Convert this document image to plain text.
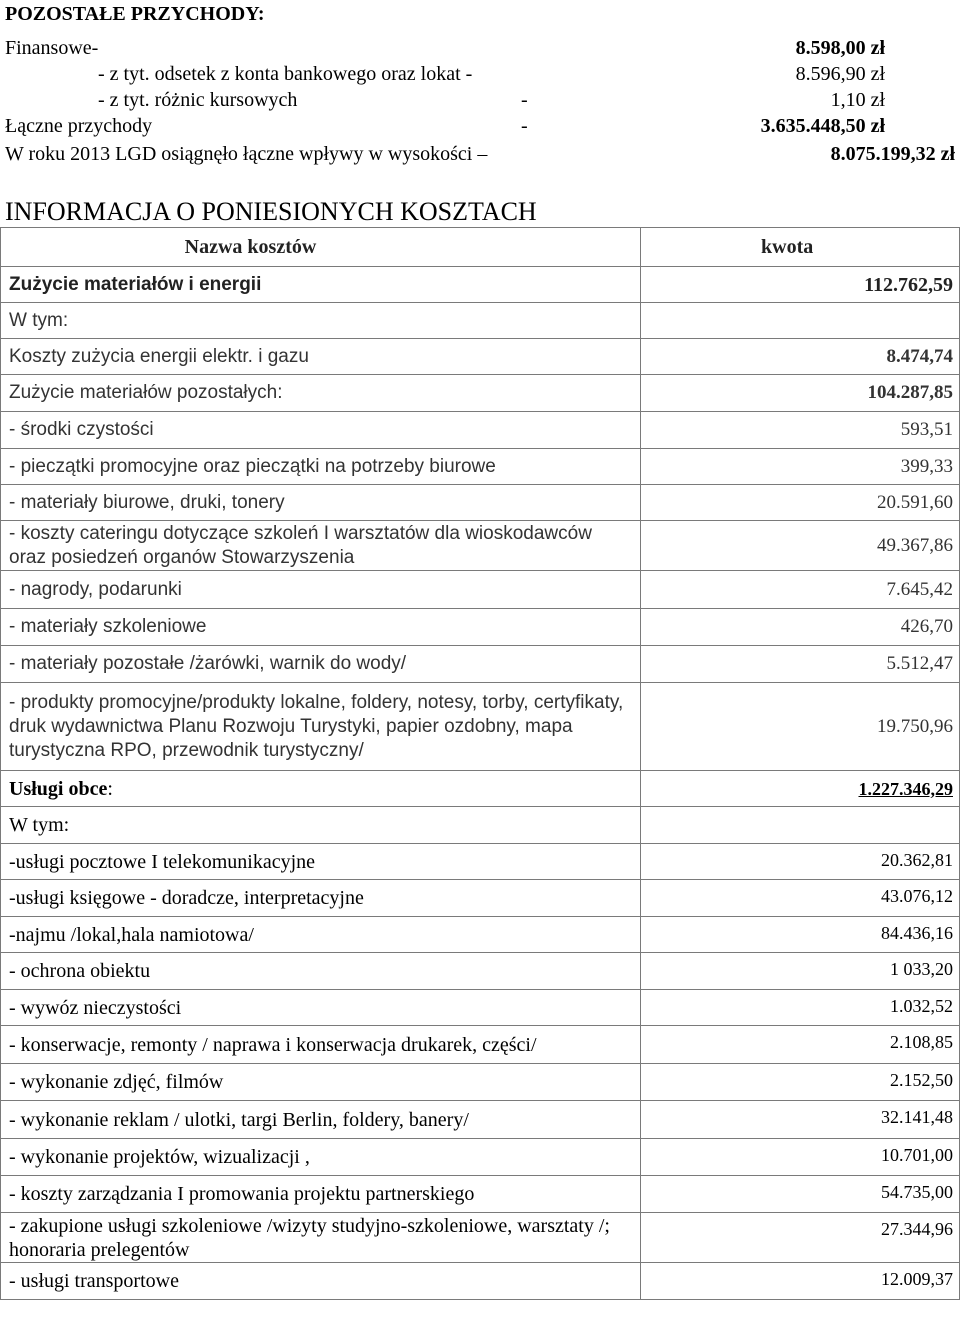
POZOSTAŁE PRZYCHODY:
Finansowe-	8.598,00 zł
- z tyt. odsetek z konta bankowego oraz lokat -	8.596,90 zł
- z tyt. różnic kursowych	-	1,10 zł
Łączne przychody	-	3.635.448,50 zł
W roku 2013 LGD osiągnęło łączne wpływy w wysokości –	8.075.199,32 zł
INFORMACJA O PONIESIONYCH KOSZTACH
Nazwa kosztów	kwota
Zużycie materiałów i energii	112.762,59
W tym:	
Koszty zużycia energii elektr. i gazu	8.474,74
Zużycie materiałów pozostałych:	104.287,85
- środki czystości	593,51
- pieczątki promocyjne oraz pieczątki na potrzeby biurowe	399,33
- materiały biurowe, druki, tonery	20.591,60
- koszty cateringu dotyczące szkoleń I warsztatów dla wioskodawców oraz posiedzeń organów Stowarzyszenia	49.367,86
- nagrody, podarunki	7.645,42
- materiały szkoleniowe	426,70
- materiały pozostałe /żarówki, warnik do wody/	5.512,47
- produkty promocyjne/produkty lokalne, foldery, notesy, torby, certyfikaty, druk wydawnictwa Planu Rozwoju Turystyki, papier ozdobny, mapa turystyczna RPO, przewodnik turystyczny/	19.750,96
Usługi obce:	1.227.346,29
W tym:	
-usługi pocztowe I telekomunikacyjne	20.362,81
-usługi księgowe - doradcze, interpretacyjne	43.076,12
-najmu /lokal,hala namiotowa/	84.436,16
- ochrona obiektu	1 033,20
- wywóz nieczystości	1.032,52
- konserwacje, remonty / naprawa i konserwacja drukarek, części/	2.108,85
- wykonanie zdjęć, filmów	2.152,50
- wykonanie reklam / ulotki, targi Berlin, foldery, banery/	32.141,48
- wykonanie projektów, wizualizacji ,	10.701,00
- koszty zarządzania I promowania projektu partnerskiego	54.735,00
- zakupione usługi szkoleniowe /wizyty studyjno-szkoleniowe, warsztaty /; honoraria prelegentów	27.344,96
- usługi transportowe	12.009,37
